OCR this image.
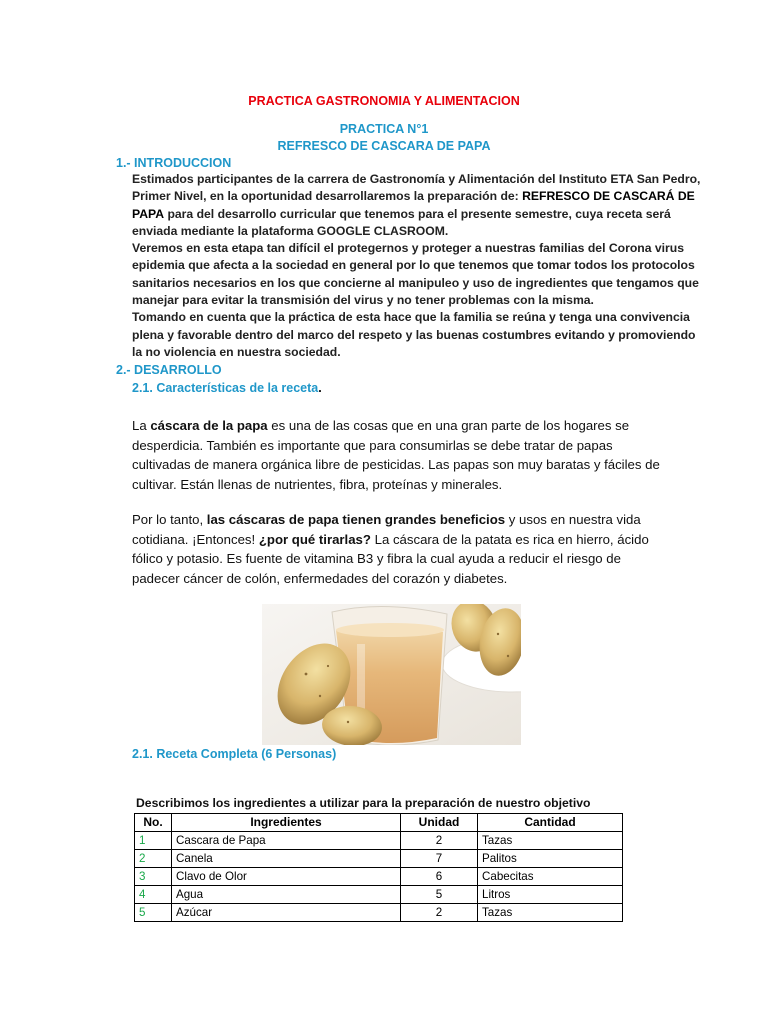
PRACTICA GASTRONOMIA Y ALIMENTACION
PRACTICA N°1
REFRESCO DE CASCARA DE PAPA
1.- INTRODUCCION
Estimados participantes de la carrera de Gastronomía y Alimentación del Instituto ETA San Pedro,
Primer Nivel, en la oportunidad desarrollaremos la preparación de: REFRESCO DE CASCARÁ DE
PAPA para del desarrollo curricular que tenemos para el presente semestre, cuya receta será
enviada mediante la plataforma GOOGLE CLASROOM.
Veremos en esta etapa tan difícil el protegernos y proteger a nuestras familias del Corona virus
epidemia que afecta a la sociedad en general por lo que tenemos que tomar todos los protocolos
sanitarios necesarios en los que concierne al manipuleo y uso de ingredientes que tengamos que
manejar para evitar la transmisión del virus y no tener problemas con la misma.
Tomando en cuenta que la práctica de esta hace que la familia se reúna y tenga una convivencia
plena y favorable dentro del marco del respeto y las buenas costumbres evitando y promoviendo
la no violencia en nuestra sociedad.
2.- DESARROLLO
2.1. Características de la receta.
La cáscara de la papa es una de las cosas que en una gran parte de los hogares se
desperdicia. También es importante que para consumirlas se debe tratar de papas
cultivadas de manera orgánica libre de pesticidas. Las papas son muy baratas y fáciles de
cultivar. Están llenas de nutrientes, fibra, proteínas y minerales.
Por lo tanto, las cáscaras de papa tienen grandes beneficios y usos en nuestra vida
cotidiana. ¡Entonces! ¿por qué tirarlas? La cáscara de la patata es rica en hierro, ácido
fólico y potasio. Es fuente de vitamina B3 y fibra la cual ayuda a reducir el riesgo de
padecer cáncer de colón, enfermedades del corazón y diabetes.
2.1. Receta Completa (6 Personas)
Describimos los ingredientes a utilizar para la preparación de nuestro objetivo
No.	Ingredientes	Unidad	Cantidad
1	Cascara de Papa	2	Tazas
2	Canela	7	Palitos
3	Clavo de Olor	6	Cabecitas
4	Agua	5	Litros
5	Azúcar	2	Tazas
